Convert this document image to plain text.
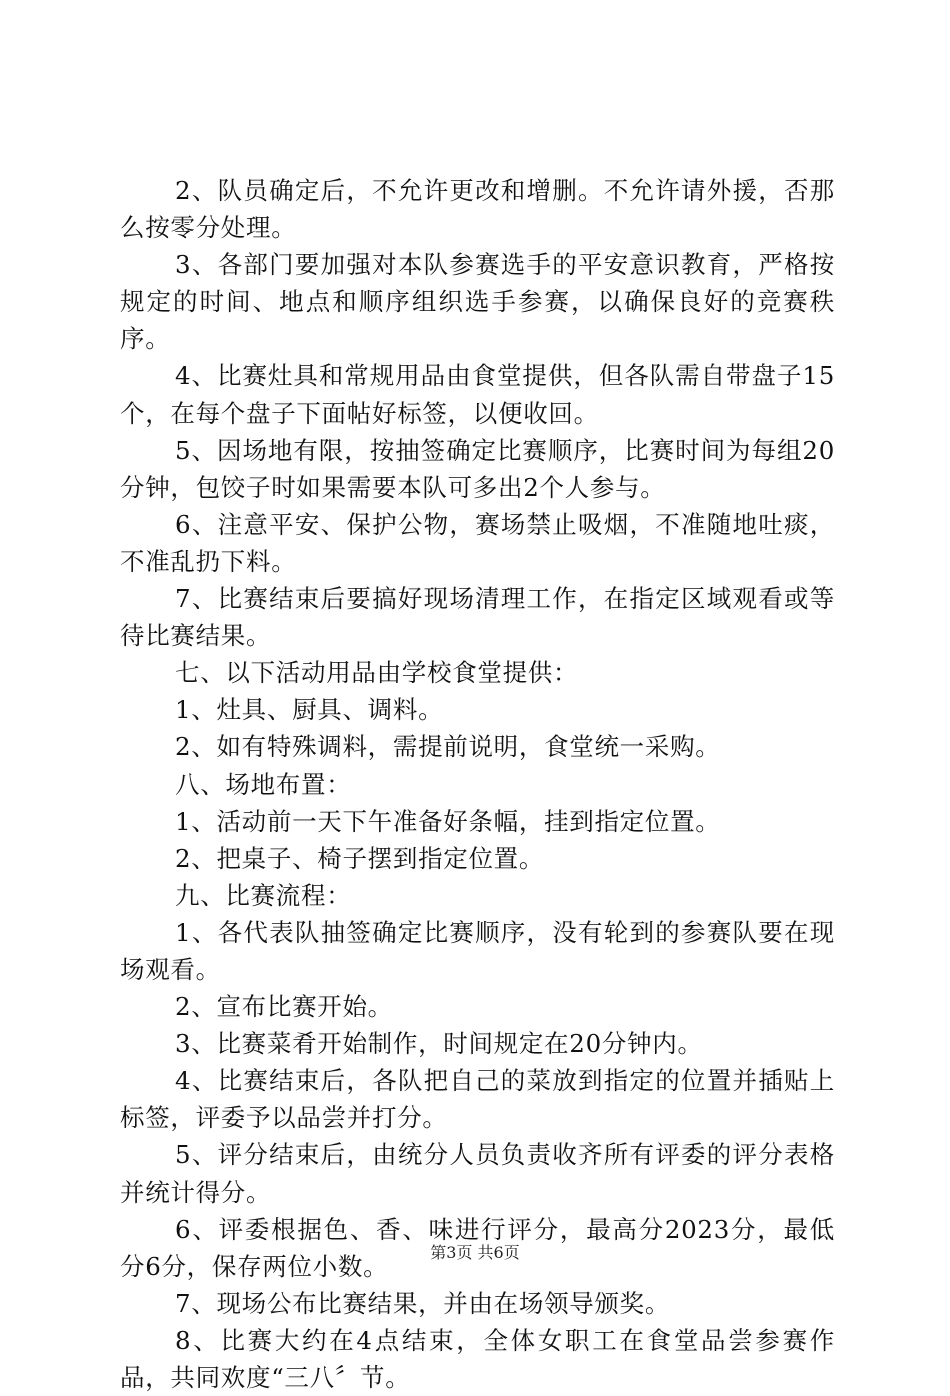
2、队员确定后，不允许更改和增删。不允许请外援，否那么按零分处理。

3、各部门要加强对本队参赛选手的平安意识教育，严格按规定的时间、地点和顺序组织选手参赛，以确保良好的竞赛秩序。

4、比赛灶具和常规用品由食堂提供，但各队需自带盘子15个，在每个盘子下面帖好标签，以便收回。

5、因场地有限，按抽签确定比赛顺序，比赛时间为每组20分钟，包饺子时如果需要本队可多出2个人参与。

6、注意平安、保护公物，赛场禁止吸烟，不准随地吐痰，不准乱扔下料。

7、比赛结束后要搞好现场清理工作，在指定区域观看或等待比赛结果。

七、以下活动用品由学校食堂提供：

1、灶具、厨具、调料。

2、如有特殊调料，需提前说明，食堂统一采购。

八、场地布置：

1、活动前一天下午准备好条幅，挂到指定位置。

2、把桌子、椅子摆到指定位置。

九、比赛流程：

1、各代表队抽签确定比赛顺序，没有轮到的参赛队要在现场观看。

2、宣布比赛开始。

3、比赛菜肴开始制作，时间规定在20分钟内。

4、比赛结束后，各队把自己的菜放到指定的位置并插贴上标签，评委予以品尝并打分。

5、评分结束后，由统分人员负责收齐所有评委的评分表格并统计得分。

6、评委根据色、香、味进行评分，最高分2023分，最低分6分，保存两位小数。

7、现场公布比赛结果，并由在场领导颁奖。

8、比赛大约在4点结束，全体女职工在食堂品尝参赛作品，共同欢度“三八〞节。

第3页 共6页
